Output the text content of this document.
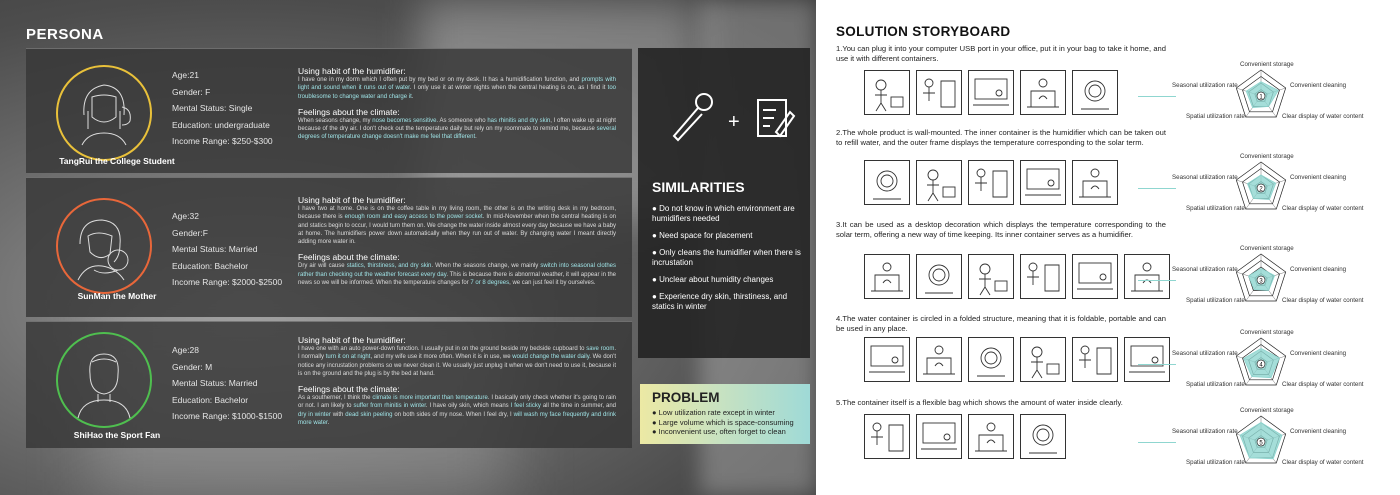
PERSONA
TangRui the College Student
Age:21
Gender: F
Mental Status: Single
Education: undergraduate
Income Range: $250-$300
Using habit of the humidifier:

I have one in my dorm which I often put by my bed or on my desk. It has a humidification function, and prompts with light and sound when it runs out of water. I only use it at winter nights when the central heating is on, as I find it too troublesome to change water and charge it.

Feelings about the climate:

When seasons change, my nose becomes sensitive. As someone who has rhinitis and dry skin, I often wake up at night because of the dry air. I don't check out the temperature daily but rely on my roommate to remind me, because several degrees of temperature change doesn't make me feel that different.

SunMan the Mother
Age:32
Gender:F
Mental Status: Married
Education: Bachelor
Income Range: $2000-$2500
Using habit of the humidifier:

I have two at home. One is on the coffee table in my living room, the other is on the writing desk in my bedroom, because there is enough room and easy access to the power socket. In mid-November when the central heating is on and statics begin to occur, I would turn them on. We change the water inside almost every day because we have a baby at home. The humidifiers power down automatically when they run out of water. By changing water I meant directly adding more water in.

Feelings about the climate:

Dry air will cause statics, thirstiness, and dry skin. When the seasons change, we mainly switch into seasonal clothes rather than checking out the weather forecast every day. This is because there is abnormal weather, it will appear in the news so we will be informed. When the temperature changes for 7 or 8 degrees, we can just feel it by ourselves.

ShiHao the Sport Fan
Age:28
Gender: M
Mental Status: Married
Education: Bachelor
Income Range: $1000-$1500
Using habit of the humidifier:

I have one with an auto power-down function. I usually put in on the ground beside my bedside cupboard to save room. I normally turn it on at night, and my wife use it more often. When it is in use, we would change the water daily. We don't notice any incrustation problems so we never clean it. We usually just unplug it when we don't need to use it, because it is on the ground and the plug is by the bed at hand.

Feelings about the climate:

As a southerner, I think the climate is more important than temperature. I basically only check whether it's going to rain or not. I am likely to suffer from rhinitis in winter. I have oily skin, which means I feel sticky all the time in summer, and dry in winter with dead skin peeling on both sides of my nose. When I feel dry, I will wash my face frequently and drink more water.

+
SIMILARITIES
● Do not know in which environment are humidifiers needed
● Need space for placement
● Only cleans the humidifier when there is incrustation
● Unclear about humidity changes
● Experience dry skin, thirstiness, and statics in winter
PROBLEM
● Low utilization rate except in winter
● Large volume which is space-consuming
● Inconvenient use, often forget to clean
SOLUTION STORYBOARD
1.You can plug it into your computer USB port in your office, put it in your bag to take it home, and use it with different containers.
1
Convenient storage
Seasonal utilization rate	Convenient cleaning
Spatial utilization rate	Clear display of water content
2.The whole product is wall-mounted. The inner container is the humidifier which can be taken out to refill water, and the outer frame displays the temperature corresponding to the solar term.
2
Convenient storage
Seasonal utilization rate	Convenient cleaning
Spatial utilization rate	Clear display of water content
3.It can be used as a desktop decoration which displays the temperature corresponding to the solar term, offering a new way of time keeping. Its inner container serves as a humidifier.
3
Convenient storage
Seasonal utilization rate	Convenient cleaning
Spatial utilization rate	Clear display of water content
4.The water container is circled in a folded structure, meaning that it is foldable, portable and can be used in any place.
4
Convenient storage
Seasonal utilization rate	Convenient cleaning
Spatial utilization rate	Clear display of water content
5.The container itself is a flexible bag which shows the amount of water inside clearly.
5
Convenient storage
Seasonal utilization rate	Convenient cleaning
Spatial utilization rate	Clear display of water content
